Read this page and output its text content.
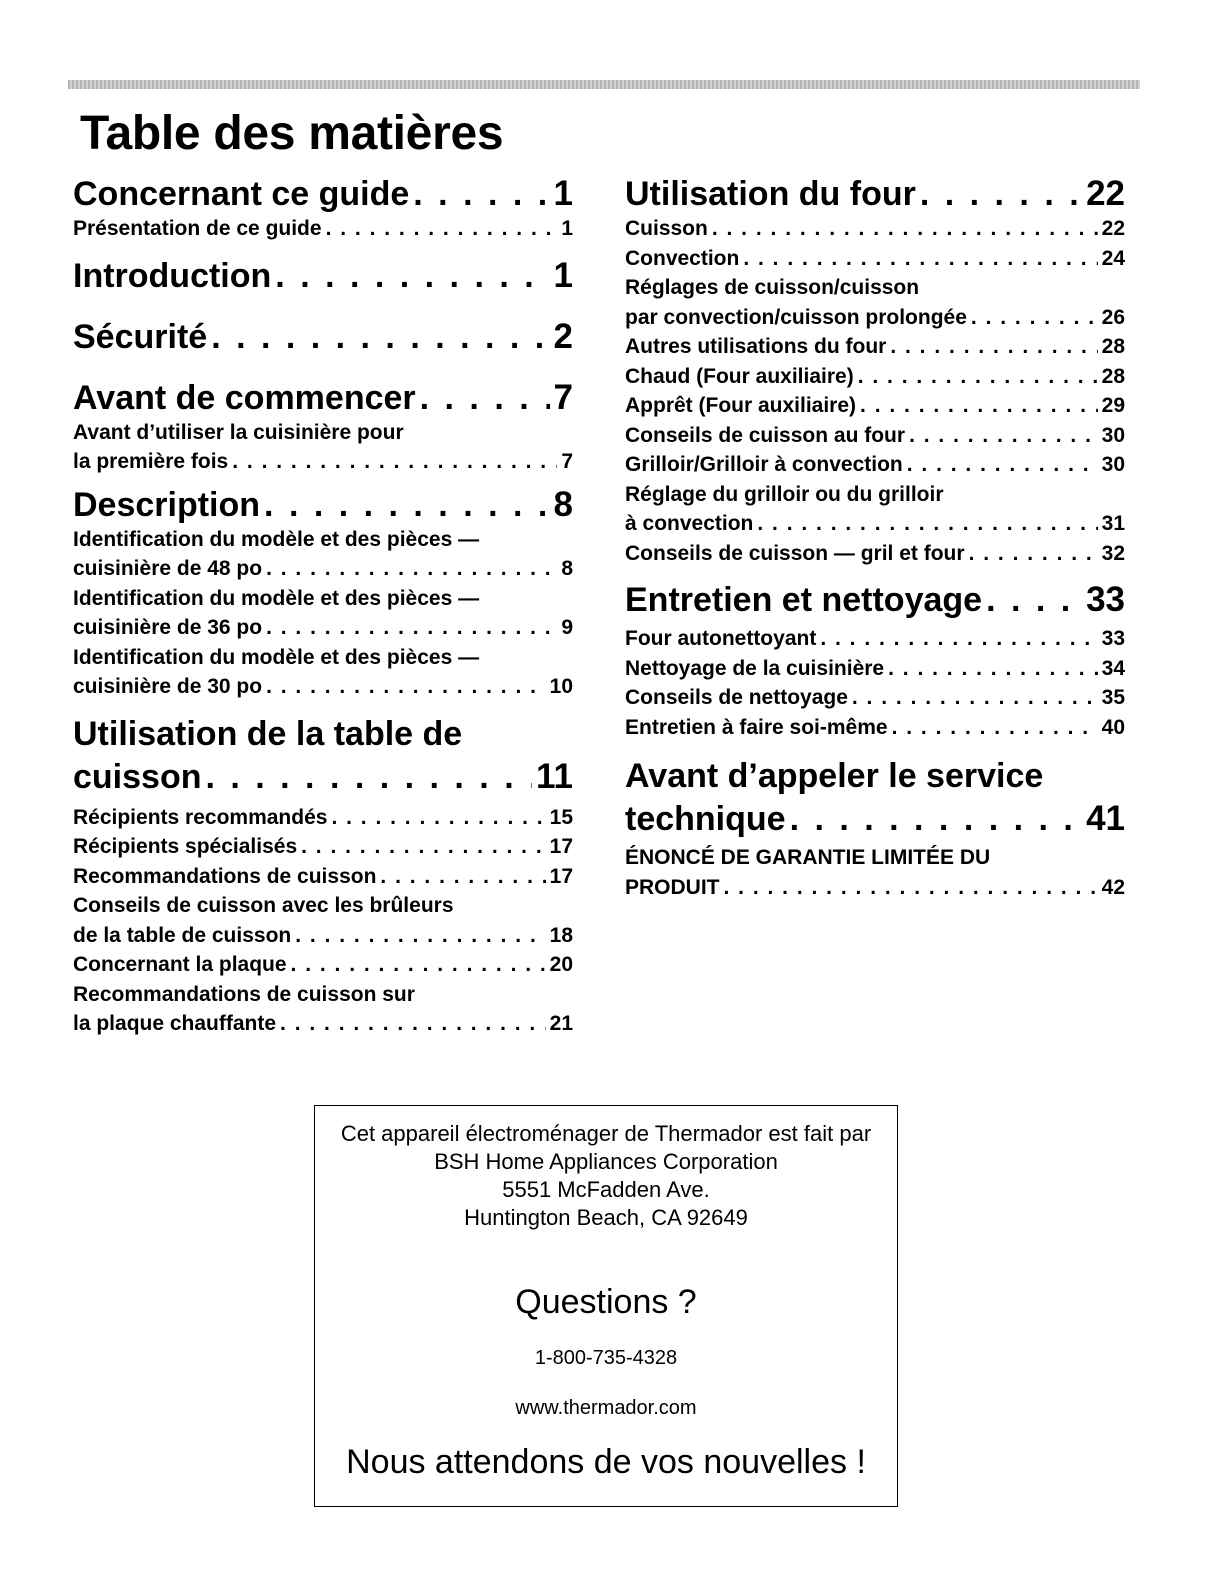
Table des matières
Concernant ce guide . . .	1
Présentation de ce guide . . .	1
Introduction . . .	1
Sécurité . . .	2
Avant de commencer . . .	7
Avant d’utiliser la cuisinière pour
la première fois . . .	7
Description . . .	8
Identification du modèle et des pièces —
cuisinière de 48 po . . .	8
Identification du modèle et des pièces —
cuisinière de 36 po . . .	9
Identification du modèle et des pièces —
cuisinière de 30 po . . .	10
Utilisation de la table de
cuisson . . .	11
Récipients recommandés . . .	15
Récipients spécialisés . . .	17
Recommandations de cuisson . . .	17
Conseils de cuisson avec les brûleurs
de la table de cuisson . . .	18
Concernant la plaque . . .	20
Recommandations de cuisson sur
la plaque chauffante . . .	21
Utilisation du four . . .	22
Cuisson . . .	22
Convection . . .	24
Réglages de cuisson/cuisson
par convection/cuisson prolongée . . .	26
Autres utilisations du four . . .	28
Chaud (Four auxiliaire) . . .	28
Apprêt (Four auxiliaire) . . .	29
Conseils de cuisson au four . . .	30
Grilloir/Grilloir à convection . . .	30
Réglage du grilloir ou du grilloir
à convection . . .	31
Conseils de cuisson — gril et four . . .	32
Entretien et nettoyage . . .	33
Four autonettoyant . . .	33
Nettoyage de la cuisinière . . .	34
Conseils de nettoyage . . .	35
Entretien à faire soi-même . . .	40
Avant d’appeler le service
technique . . .	41
ÉNONCÉ DE GARANTIE LIMITÉE DU
PRODUIT . . .	42
Cet appareil électroménager de Thermador est fait par
BSH Home Appliances Corporation
5551 McFadden Ave.
Huntington Beach, CA 92649
Questions ?
1-800-735-4328
www.thermador.com
Nous attendons de vos nouvelles !
